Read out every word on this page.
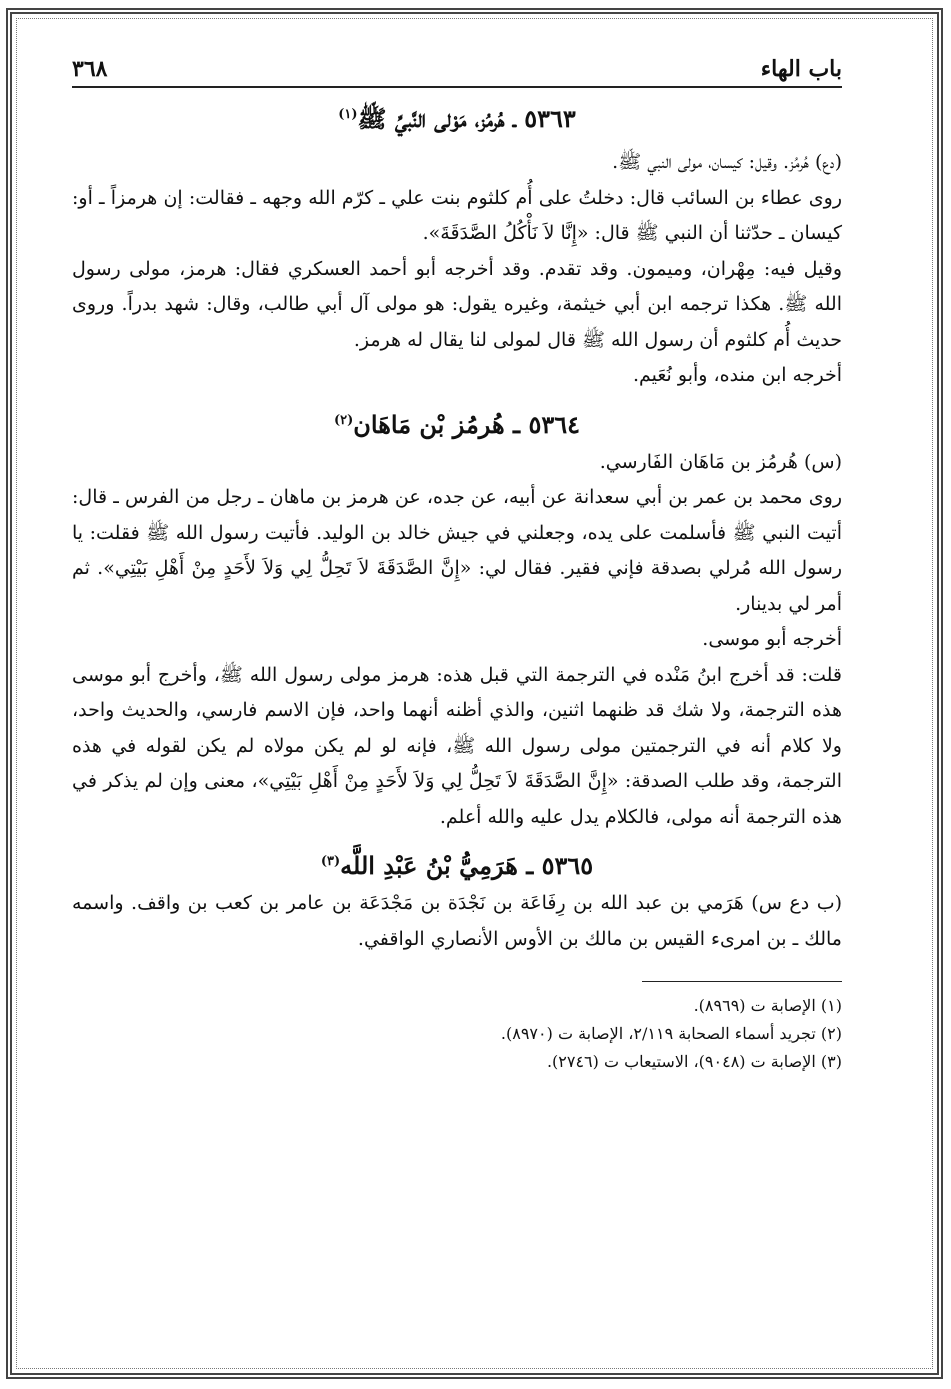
باب الهاء
٣٦٨
٥٣٦٣ ـ هُرمُز، مَوْلى النَّبيِّ ﷺ$^{(١)}$

(دع) هُرمُز. وقيل: كيسان، مولى النبي ﷺ.

روى عطاء بن السائب قال: دخلتُ على أُم كلثوم بنت علي ـ كرّم الله وجهه ـ فقالت: إن هرمزاً ـ أو: كيسان ـ حدّثنا أن النبي ﷺ قال: «إِنَّا لاَ نَأْكُلُ الصَّدَقَةَ».

وقيل فيه: مِهْران، وميمون. وقد تقدم. وقد أخرجه أبو أحمد العسكري فقال: هرمز، مولى رسول الله ﷺ. هكذا ترجمه ابن أبي خيثمة، وغيره يقول: هو مولى آل أبي طالب، وقال: شهد بدراً. وروى حديث أُم كلثوم أن رسول الله ﷺ قال لمولى لنا يقال له هرمز.

أخرجه ابن منده، وأبو نُعَيم.

٥٣٦٤ ـ هُرمُز بْن مَاهَان$^{(٢)}$

(س) هُرمُز بن مَاهَان الفَارسي.

روى محمد بن عمر بن أبي سعدانة عن أبيه، عن جده، عن هرمز بن ماهان ـ رجل من الفرس ـ قال: أتيت النبي ﷺ فأسلمت على يده، وجعلني في جيش خالد بن الوليد. فأتيت رسول الله ﷺ فقلت: يا رسول الله مُرلي بصدقة فإني فقير. فقال لي: «إِنَّ الصَّدَقَةَ لاَ تَحِلُّ لِي وَلاَ لأَحَدٍ مِنْ أَهْلِ بَيْتِي». ثم أمر لي بدينار.

أخرجه أبو موسى.

قلت: قد أخرج ابنُ مَنْده في الترجمة التي قبل هذه: هرمز مولى رسول الله ﷺ، وأخرج أبو موسى هذه الترجمة، ولا شك قد ظنهما اثنين، والذي أظنه أنهما واحد، فإن الاسم فارسي، والحديث واحد، ولا كلام أنه في الترجمتين مولى رسول الله ﷺ، فإنه لو لم يكن مولاه لم يكن لقوله في هذه الترجمة، وقد طلب الصدقة: «إِنَّ الصَّدَقَةَ لاَ تَحِلُّ لِي وَلاَ لأَحَدٍ مِنْ أَهْلِ بَيْتِي»، معنى وإن لم يذكر في هذه الترجمة أنه مولى، فالكلام يدل عليه والله أعلم.

٥٣٦٥ ـ هَرَمِيُّ بْنُ عَبْدِ اللَّه$^{(٣)}$

(ب دع س) هَرَمي بن عبد الله بن رِفَاعَة بن نَجْدَة بن مَجْدَعَة بن عامر بن كعب بن واقف. واسمه مالك ـ بن امرىء القيس بن مالك بن الأوس الأنصاري الواقفي.

(١) الإصابة ت (٨٩٦٩).
(٢) تجريد أسماء الصحابة ٢/١١٩، الإصابة ت (٨٩٧٠).
(٣) الإصابة ت (٩٠٤٨)، الاستيعاب ت (٢٧٤٦).
